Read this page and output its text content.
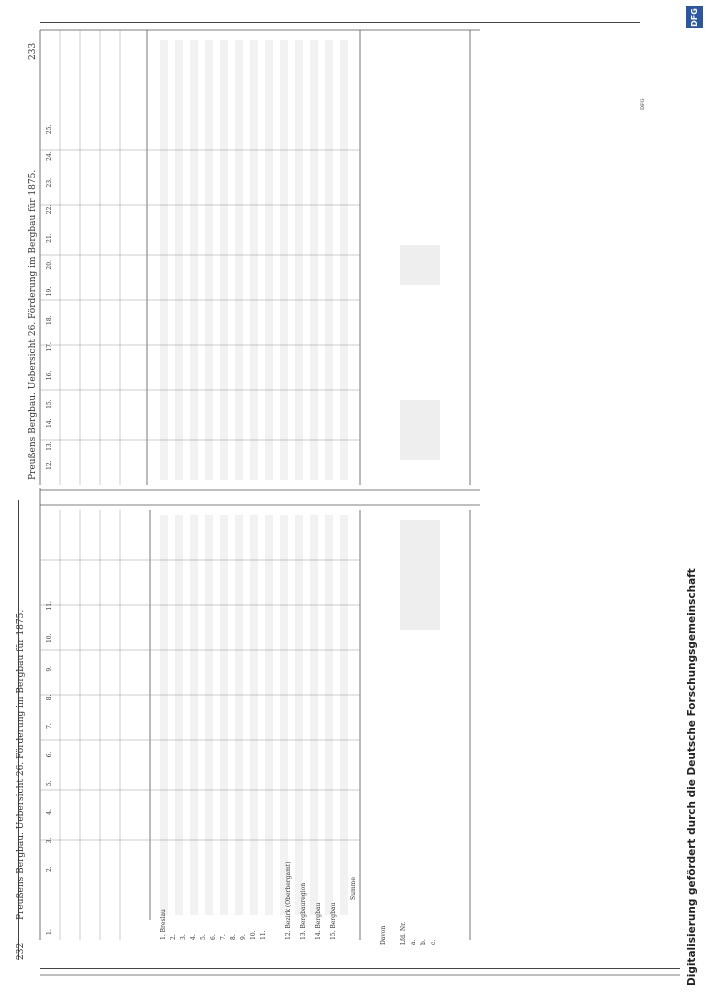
232
Preußens Bergbau. Uebersicht 26. Förderung im Bergbau für 1875.
Preußens Bergbau. Uebersicht 26. Förderung im Bergbau für 1875.
233
1.                              2.            3.            4.            5.            6.            7.            8.            9.            10.            11.
12.     13.       14.     15.          16.          17.         18.          19.         20.         21.          22.         23.         24.         25.
1. Breslau 2. 3. 4. 5. 6. 7. 8. 9. 10. 11.	12. Bezirk (Oberbergamt) 13. Bergbauregion 14. Bergbau 15. Bergbau
Summe
Davon Lfd. Nr. a. b. c.
DFG
DFG
Digitalisierung gefördert durch die Deutsche Forschungsgemeinschaft
